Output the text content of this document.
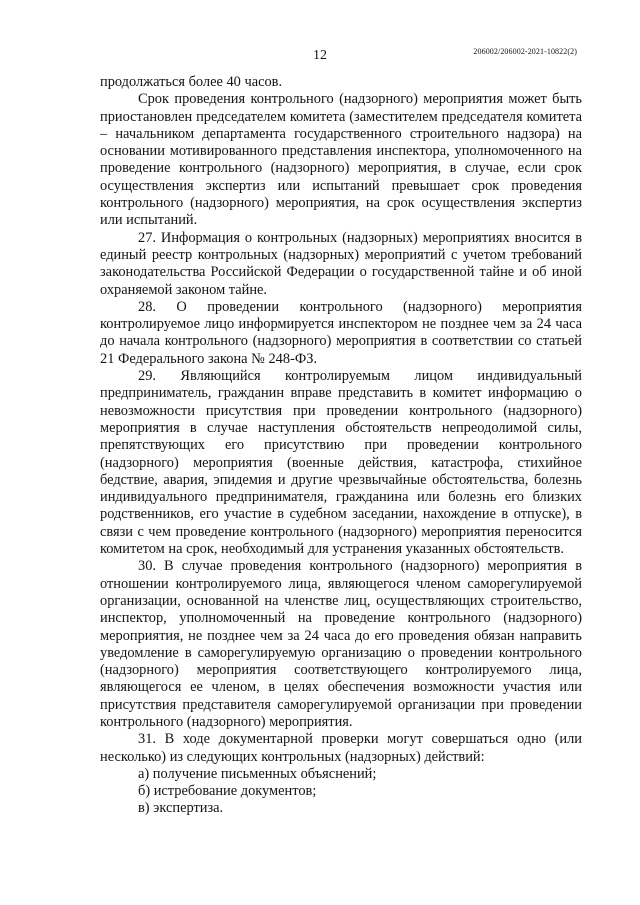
12	206002/206002-2021-10822(2)

продолжаться более 40 часов.

Срок проведения контрольного (надзорного) мероприятия может быть приостановлен председателем комитета (заместителем председателя комитета – начальником департамента государственного строительного надзора) на основании мотивированного представления инспектора, уполномоченного на проведение контрольного (надзорного) мероприятия, в случае, если срок осуществления экспертиз или испытаний превышает срок проведения контрольного (надзорного) мероприятия, на срок осуществления экспертиз или испытаний.

27. Информация о контрольных (надзорных) мероприятиях вносится в единый реестр контрольных (надзорных) мероприятий с учетом требований законодательства Российской Федерации о государственной тайне и об иной охраняемой законом тайне.

28. О проведении контрольного (надзорного) мероприятия контролируемое лицо информируется инспектором не позднее чем за 24 часа до начала контрольного (надзорного) мероприятия в соответствии со статьей 21 Федерального закона № 248-ФЗ.

29. Являющийся контролируемым лицом индивидуальный предприниматель, гражданин вправе представить в комитет информацию о невозможности присутствия при проведении контрольного (надзорного) мероприятия в случае наступления обстоятельств непреодолимой силы, препятствующих его присутствию при проведении контрольного (надзорного) мероприятия (военные действия, катастрофа, стихийное бедствие, авария, эпидемия и другие чрезвычайные обстоятельства, болезнь индивидуального предпринимателя, гражданина или болезнь его близких родственников, его участие в судебном заседании, нахождение в отпуске), в связи с чем проведение контрольного (надзорного) мероприятия переносится комитетом на срок, необходимый для устранения указанных обстоятельств.

30. В случае проведения контрольного (надзорного) мероприятия в отношении контролируемого лица, являющегося членом саморегулируемой организации, основанной на членстве лиц, осуществляющих строительство, инспектор, уполномоченный на проведение контрольного (надзорного) мероприятия, не позднее чем за 24 часа до его проведения обязан направить уведомление в саморегулируемую организацию о проведении контрольного (надзорного) мероприятия соответствующего контролируемого лица, являющегося ее членом, в целях обеспечения возможности участия или присутствия представителя саморегулируемой организации при проведении контрольного (надзорного) мероприятия.

31. В ходе документарной проверки могут совершаться одно (или несколько) из следующих контрольных (надзорных) действий:

а) получение письменных объяснений;

б) истребование документов;

в) экспертиза.
